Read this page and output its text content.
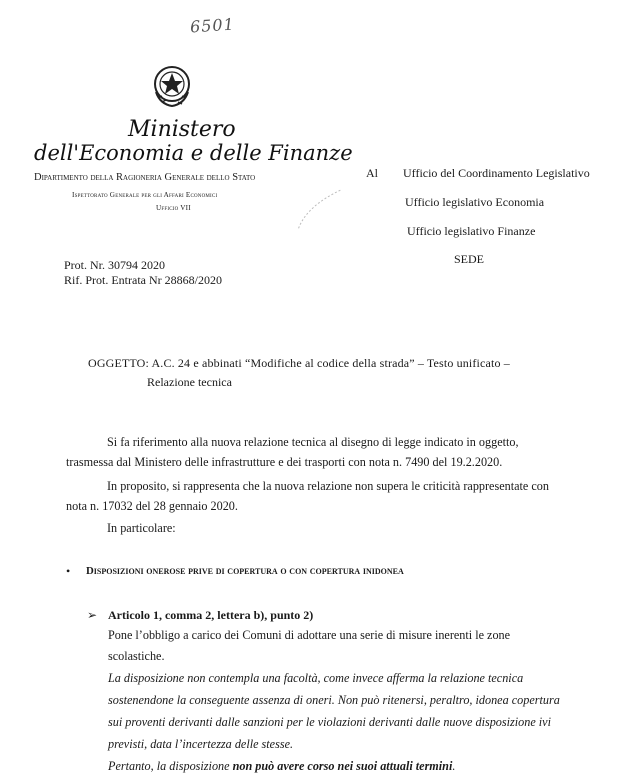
6501
Ministero
dell'Economia e delle Finanze
Dipartimento della Ragioneria Generale dello Stato
Ispettorato Generale per gli Affari Economici
Ufficio VII
Al Ufficio del Coordinamento Legislativo
Ufficio legislativo Economia
Ufficio legislativo Finanze
SEDE
Prot. Nr. 30794 2020
Rif. Prot. Entrata Nr 28868/2020
OGGETTO: A.C. 24 e abbinati “Modifiche al codice della strada” – Testo unificato –
Relazione tecnica
Si fa riferimento alla nuova relazione tecnica al disegno di legge indicato in oggetto,
trasmessa dal Ministero delle infrastrutture e dei trasporti con nota n. 7490 del 19.2.2020.
In proposito, si rappresenta che la nuova relazione non supera le criticità rappresentate con
nota n. 17032 del 28 gennaio 2020.
In particolare:
• Disposizioni onerose prive di copertura o con copertura inidonea
➢ Articolo 1, comma 2, lettera b), punto 2)
Pone l’obbligo a carico dei Comuni di adottare una serie di misure inerenti le zone
scolastiche.
La disposizione non contempla una facoltà, come invece afferma la relazione tecnica
sostenendone la conseguente assenza di oneri. Non può ritenersi, peraltro, idonea copertura
sui proventi derivanti dalle sanzioni per le violazioni derivanti dalle nuove disposizione ivi
previsti, data l’incertezza delle stesse.
Pertanto, la disposizione non può avere corso nei suoi attuali termini.
